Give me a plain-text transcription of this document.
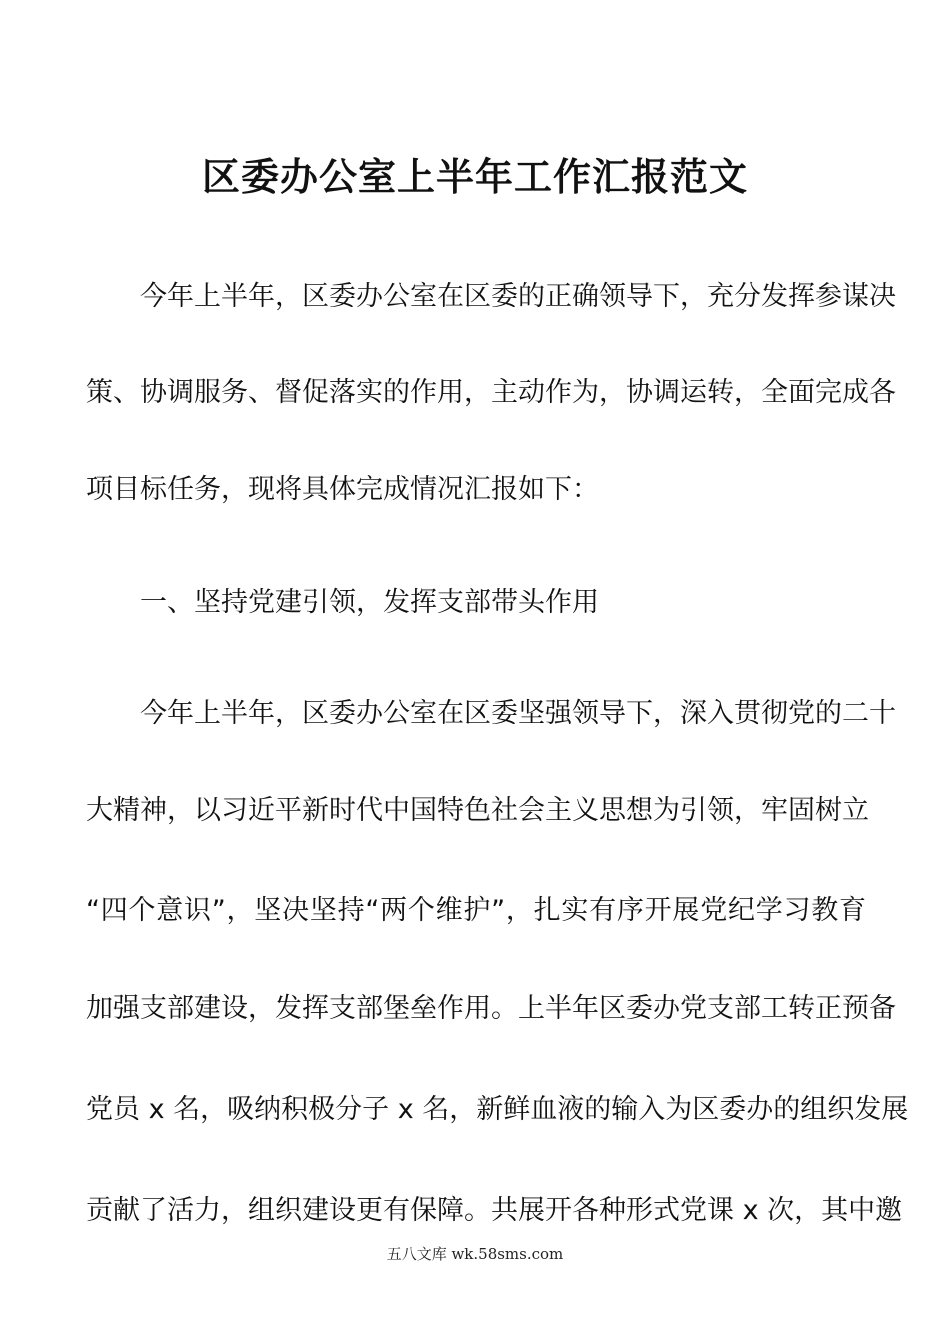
区委办公室上半年工作汇报范文

今年上半年，区委办公室在区委的正确领导下，充分发挥参谋决

策、协调服务、督促落实的作用，主动作为，协调运转，全面完成各

项目标任务，现将具体完成情况汇报如下：

一、坚持党建引领，发挥支部带头作用

今年上半年，区委办公室在区委坚强领导下，深入贯彻党的二十

大精神，以习近平新时代中国特色社会主义思想为引领，牢固树立

“四个意识”，坚决坚持“两个维护”，扎实有序开展党纪学习教育

加强支部建设，发挥支部堡垒作用。上半年区委办党支部工转正预备

党员 x 名，吸纳积极分子 x 名，新鲜血液的输入为区委办的组织发展

贡献了活力，组织建设更有保障。共展开各种形式党课 x 次，其中邀

五八文库 wk.58sms.com
